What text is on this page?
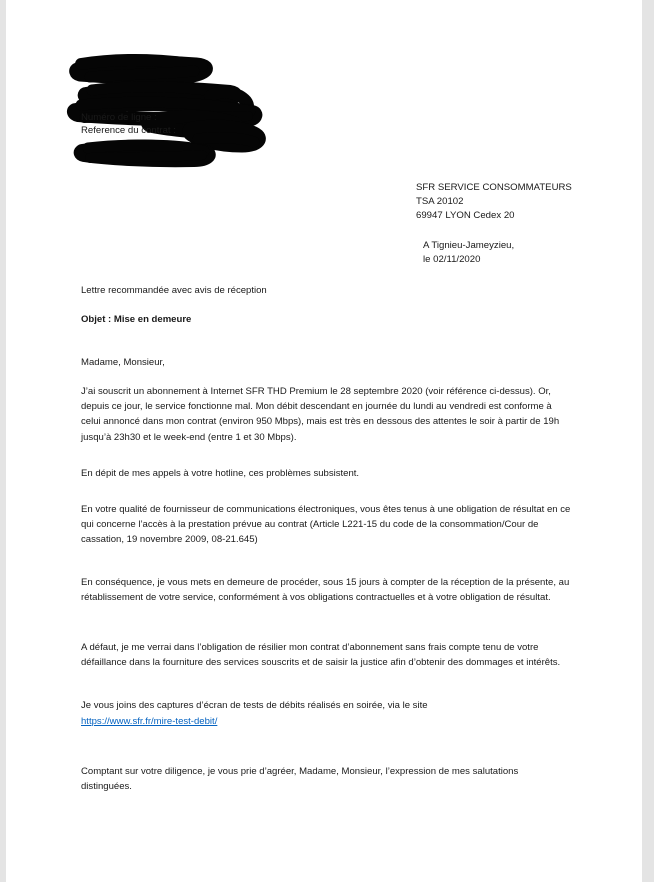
Numéro de ligne :
Reference du contrat :
SFR SERVICE CONSOMMATEURS
TSA 20102
69947 LYON Cedex 20
A Tignieu-Jameyzieu,
le 02/11/2020

Lettre recommandée avec avis de réception

Objet : Mise en demeure

Madame, Monsieur,

J’ai souscrit un abonnement à Internet SFR THD Premium le 28 septembre 2020 (voir référence ci-dessus). Or, depuis ce jour, le service fonctionne mal. Mon débit descendant en journée du lundi au vendredi est conforme à celui annoncé dans mon contrat (environ 950 Mbps), mais est très en dessous des attentes le soir à partir de 19h jusqu’à 23h30 et le week-end (entre 1 et 30 Mbps).

En dépit de mes appels à votre hotline, ces problèmes subsistent.

En votre qualité de fournisseur de communications électroniques, vous êtes tenus à une obligation de résultat en ce qui concerne l’accès à la prestation prévue au contrat (Article L221-15 du code de la consommation/Cour de cassation, 19 novembre 2009, 08-21.645)

En conséquence, je vous mets en demeure de procéder, sous 15 jours à compter de la réception de la présente, au rétablissement de votre service, conformément à vos obligations contractuelles et à votre obligation de résultat.

A défaut, je me verrai dans l’obligation de résilier mon contrat d’abonnement sans frais compte tenu de votre défaillance dans la fourniture des services souscrits et de saisir la justice afin d’obtenir des dommages et intérêts.

Je vous joins des captures d’écran de tests de débits réalisés en soirée, via le site
https://www.sfr.fr/mire-test-debit/

Comptant sur votre diligence, je vous prie d’agréer, Madame, Monsieur, l’expression de mes salutations distinguées.
